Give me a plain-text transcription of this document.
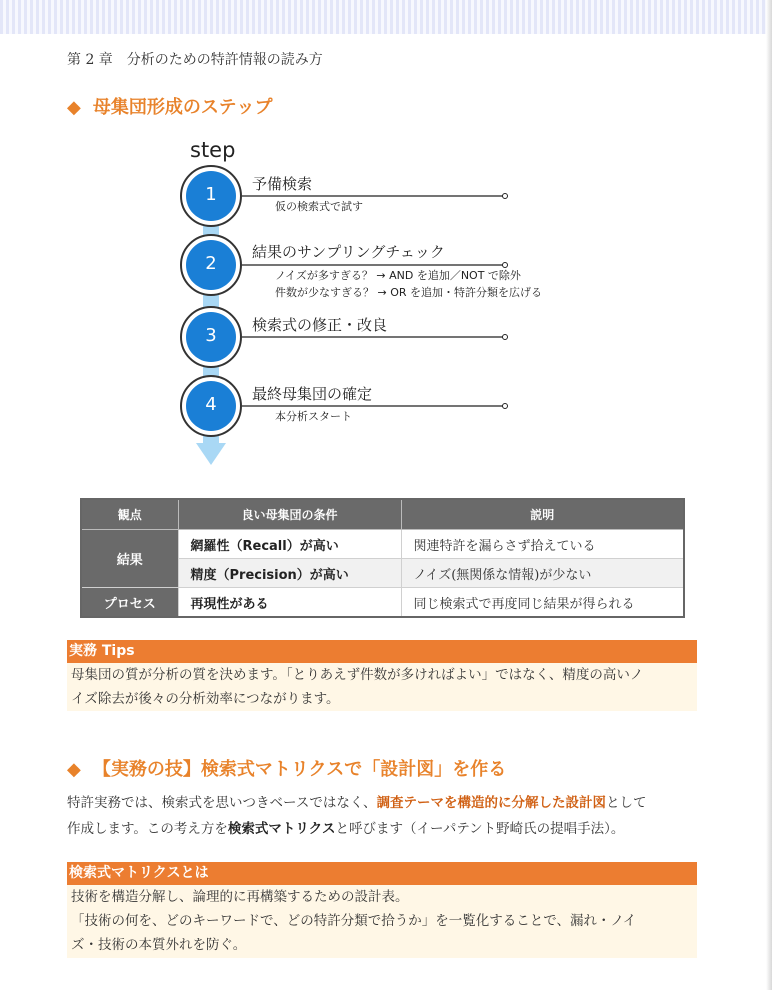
第 2 章　分析のための特許情報の読み方
◆ 母集団形成のステップ
step
1
2
3
4
予備検索
仮の検索式で試す
結果のサンプリングチェック
ノイズが多すぎる？ → AND を追加／NOT で除外
件数が少なすぎる？ → OR を追加・特許分類を広げる
検索式の修正・改良
最終母集団の確定
本分析スタート
観点	良い母集団の条件	説明
結果	網羅性（Recall）が高い	関連特許を漏らさず拾えている
	精度（Precision）が高い	ノイズ(無関係な情報)が少ない
プロセス	再現性がある	同じ検索式で再度同じ結果が得られる
実務 Tips
母集団の質が分析の質を決めます。「とりあえず件数が多ければよい」ではなく、精度の高いノ
イズ除去が後々の分析効率につながります。
◆ 【実務の技】検索式マトリクスで「設計図」を作る
特許実務では、検索式を思いつきベースではなく、調査テーマを構造的に分解した設計図として
作成します。この考え方を検索式マトリクスと呼びます（イーパテント野崎氏の提唱手法）。
検索式マトリクスとは
技術を構造分解し、論理的に再構築するための設計表。
「技術の何を、どのキーワードで、どの特許分類で拾うか」を一覧化することで、漏れ・ノイ
ズ・技術の本質外れを防ぐ。
